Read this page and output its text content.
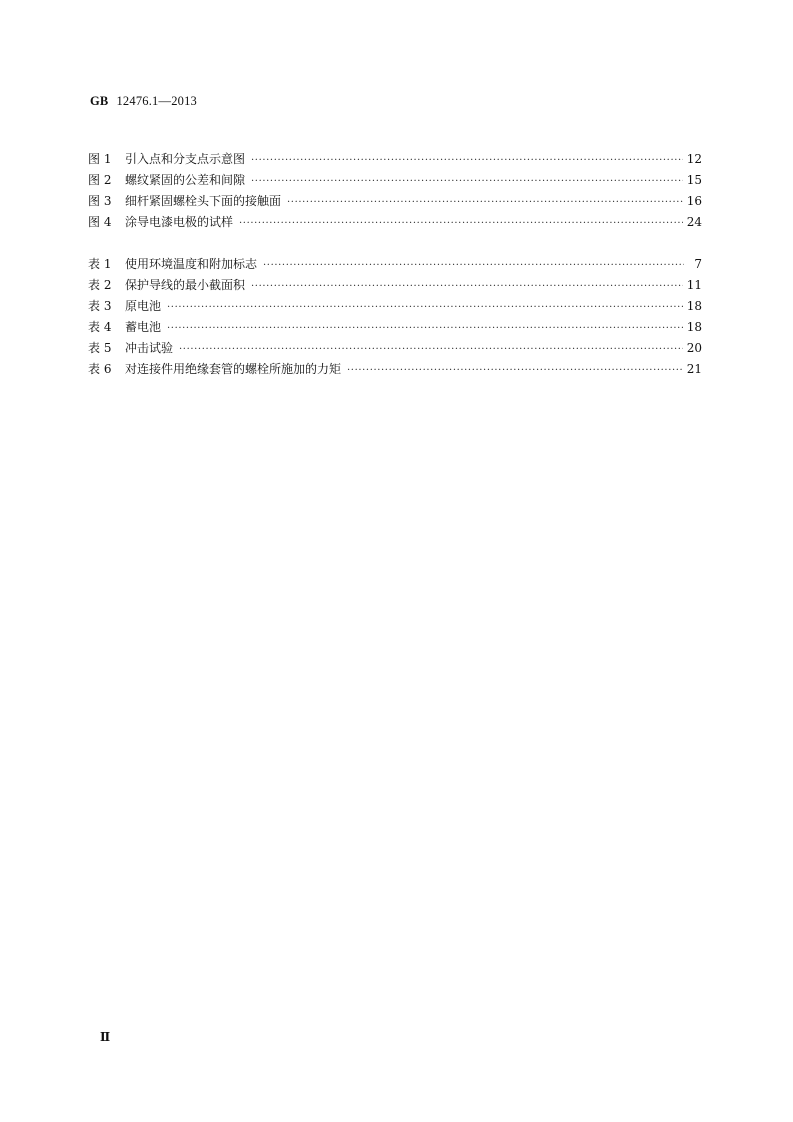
GB 12476.1—2013
图 1	引入点和分支点示意图 ·····	12
图 2	螺纹紧固的公差和间隙 ·····	15
图 3	细杆紧固螺栓头下面的接触面 ·····	16
图 4	涂导电漆电极的试样 ·····	24
表 1	使用环境温度和附加标志 ·····	7
表 2	保护导线的最小截面积 ·····	11
表 3	原电池 ·····	18
表 4	蓄电池 ·····	18
表 5	冲击试验 ·····	20
表 6	对连接件用绝缘套管的螺栓所施加的力矩 ·····	21
Ⅱ
